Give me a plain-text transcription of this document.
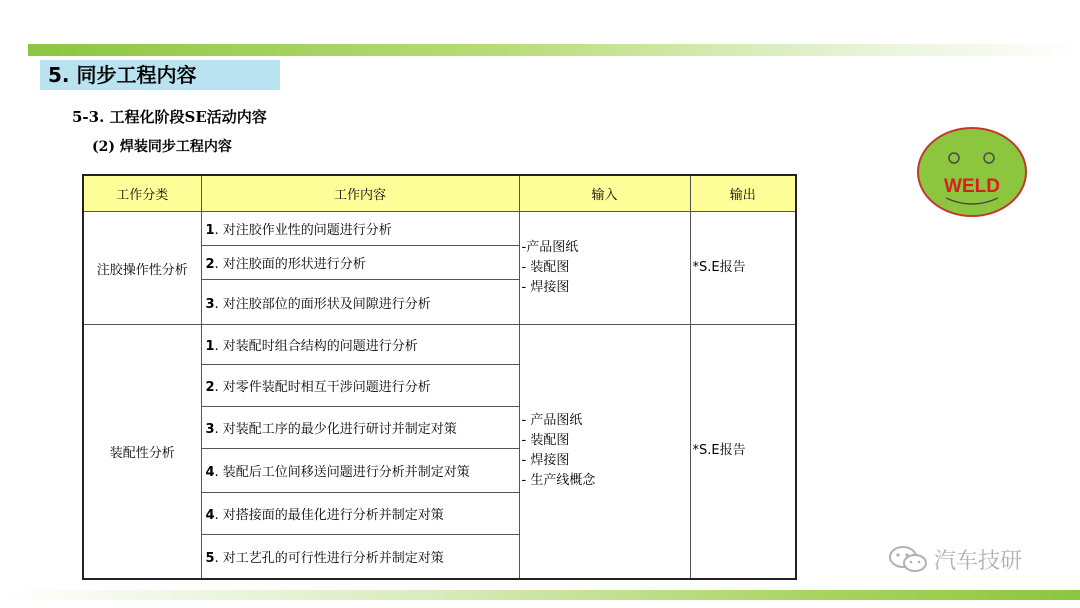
5. 同步工程内容
5-3. 工程化阶段SE活动内容
(2) 焊装同步工程内容
WELD
工作分类	工作内容	输入	输出
注胶操作性分析	1. 对注胶作业性的问题进行分析	-产品图纸
- 装配图
- 焊接图	*S.E报告
	2. 对注胶面的形状进行分析		
	3. 对注胶部位的面形状及间隙进行分析		
装配性分析	1. 对装配时组合结构的问题进行分析	- 产品图纸
- 装配图
- 焊接图
- 生产线概念	*S.E报告
	2. 对零件装配时相互干涉问题进行分析		
	3. 对装配工序的最少化进行研讨并制定对策		
	4. 装配后工位间移送问题进行分析并制定对策		
	4. 对搭接面的最佳化进行分析并制定对策		
	5. 对工艺孔的可行性进行分析并制定对策			汽车技研
